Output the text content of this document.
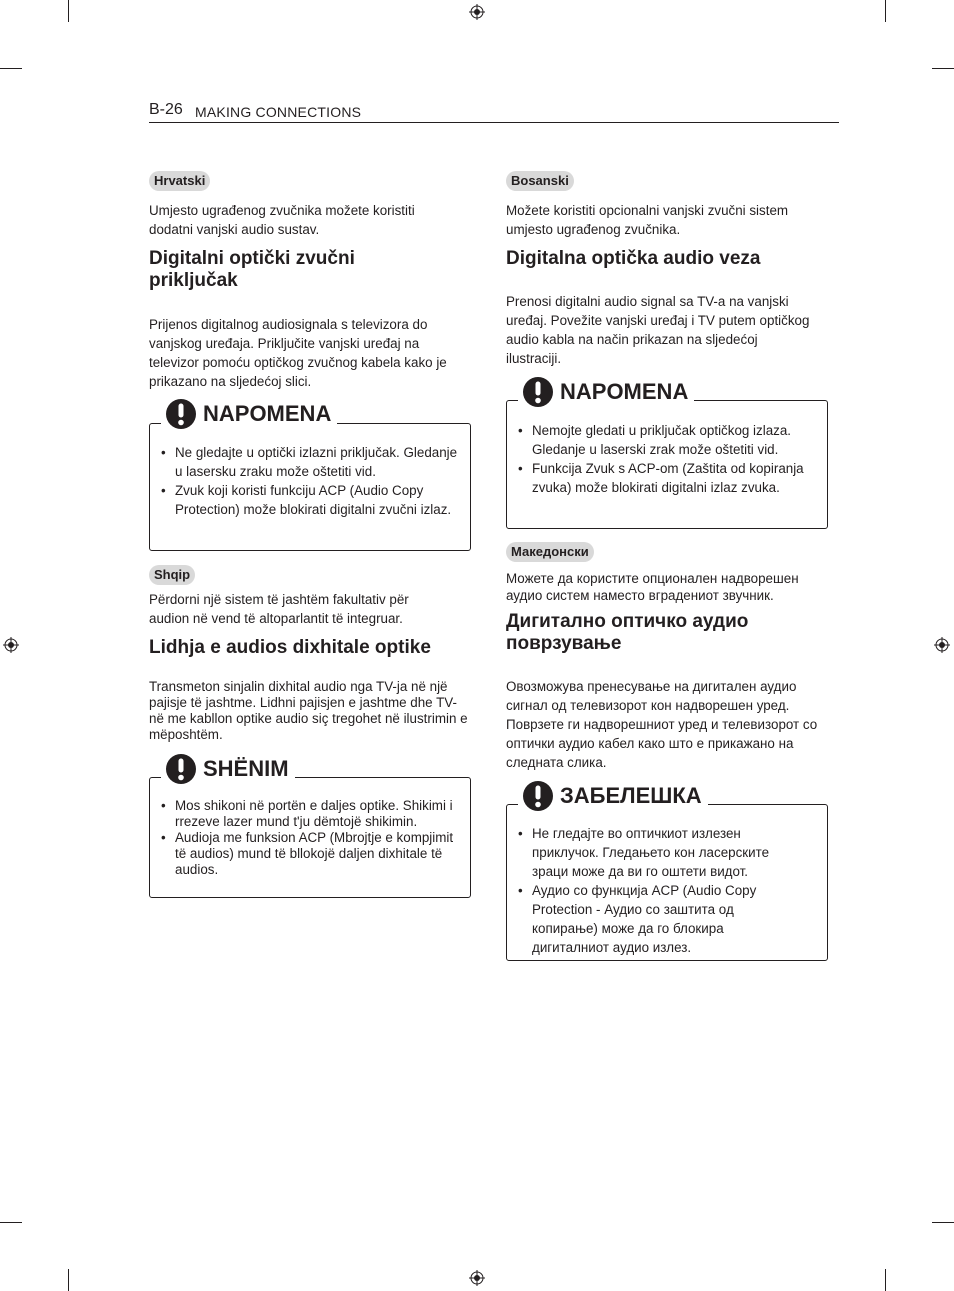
B-26 MAKING CONNECTIONS
Hrvatski

Umjesto ugrađenog zvučnika možete koristiti dodatni vanjski audio sustav.

Digitalni optički zvučni priključak

Prijenos digitalnog audiosignala s televizora do vanjskog uređaja. Priključite vanjski uređaj na televizor pomoću optičkog zvučnog kabela kako je prikazano na sljedećoj slici.

NAPOMENA
• Ne gledajte u optički izlazni priključak. Gledanje u lasersku zraku može oštetiti vid.
• Zvuk koji koristi funkciju ACP (Audio Copy Protection) može blokirati digitalni zvučni izlaz.
Shqip

Përdorni një sistem të jashtëm fakultativ për audion në vend të altoparlantit të integruar.

Lidhja e audios dixhitale optike

Transmeton sinjalin dixhital audio nga TV-ja në një pajisje të jashtme. Lidhni pajisjen e jashtme dhe TV-në me kabllon optike audio siç tregohet në ilustrimin e mëposhtëm.

SHËNIM
• Mos shikoni në portën e daljes optike. Shikimi i rrezeve lazer mund t'ju dëmtojë shikimin.
• Audioja me funksion ACP (Mbrojtje e kompjimit të audios) mund të bllokojë daljen dixhitale të audios.
Bosanski

Možete koristiti opcionalni vanjski zvučni sistem umjesto ugrađenog zvučnika.

Digitalna optička audio veza

Prenosi digitalni audio signal sa TV-a na vanjski uređaj. Povežite vanjski uređaj i TV putem optičkog audio kabla na način prikazan na sljedećoj ilustraciji.

NAPOMENA
• Nemojte gledati u priključak optičkog izlaza. Gledanje u laserski zrak može oštetiti vid.
• Funkcija Zvuk s ACP-om (Zaštita od kopiranja zvuka) može blokirati digitalni izlaz zvuka.
Македонски

Можете да користите опционален надворешен аудио систем наместо вградениот звучник.

Дигитално оптичко аудио поврзување

Овозможува пренесување на дигитален аудио сигнал од телевизорот кон надворешен уред. Поврзете ги надворешниот уред и телевизорот со оптички аудио кабел како што е прикажано на следната слика.

ЗАБЕЛЕШКА
• Не гледајте во оптичкиот излезен приклучок. Гледањето кон ласерските зраци може да ви го оштети видот.
• Аудио со функција ACP (Audio Copy Protection - Аудио со заштита од копирање) може да го блокира дигиталниот аудио излез.
